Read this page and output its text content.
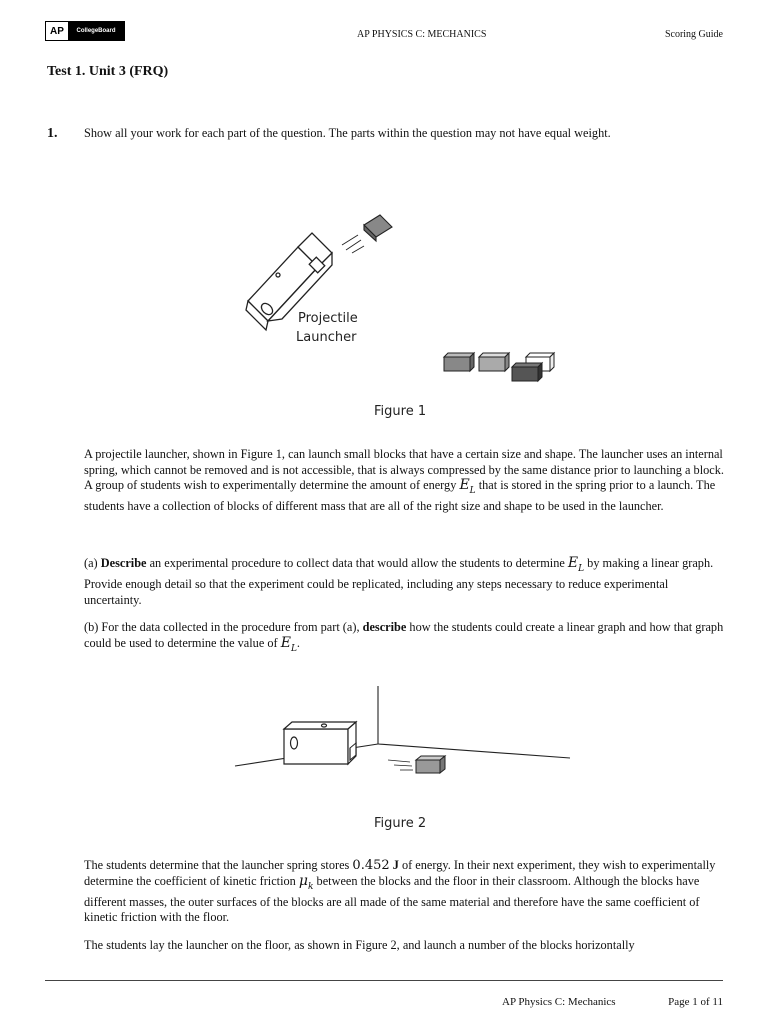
AP	CollegeBoard	AP PHYSICS C: MECHANICS	Scoring Guide
Test 1. Unit 3 (FRQ)
1. Show all your work for each part of the question. The parts within the question may not have equal weight.
Projectile
Launcher
Figure 1
A projectile launcher, shown in Figure 1, can launch small blocks that have a certain size and shape. The launcher uses an internal spring, which cannot be removed and is not accessible, that is always compressed by the same distance prior to launching a block. A group of students wish to experimentally determine the amount of energy $E_L$ that is stored in the spring prior to a launch. The students have a collection of blocks of different mass that are all of the right size and shape to be used in the launcher.
(a) Describe an experimental procedure to collect data that would allow the students to determine $E_L$ by making a linear graph. Provide enough detail so that the experiment could be replicated, including any steps necessary to reduce experimental uncertainty.
(b) For the data collected in the procedure from part (a), describe how the students could create a linear graph and how that graph could be used to determine the value of $E_L$.
Figure 2
The students determine that the launcher spring stores 0.452 J of energy. In their next experiment, they wish to experimentally determine the coefficient of kinetic friction $\mu_k$ between the blocks and the floor in their classroom. Although the blocks have different masses, the outer surfaces of the blocks are all made of the same material and therefore have the same coefficient of kinetic friction with the floor.
The students lay the launcher on the floor, as shown in Figure 2, and launch a number of the blocks horizontally
AP Physics C: Mechanics	Page 1 of 11
